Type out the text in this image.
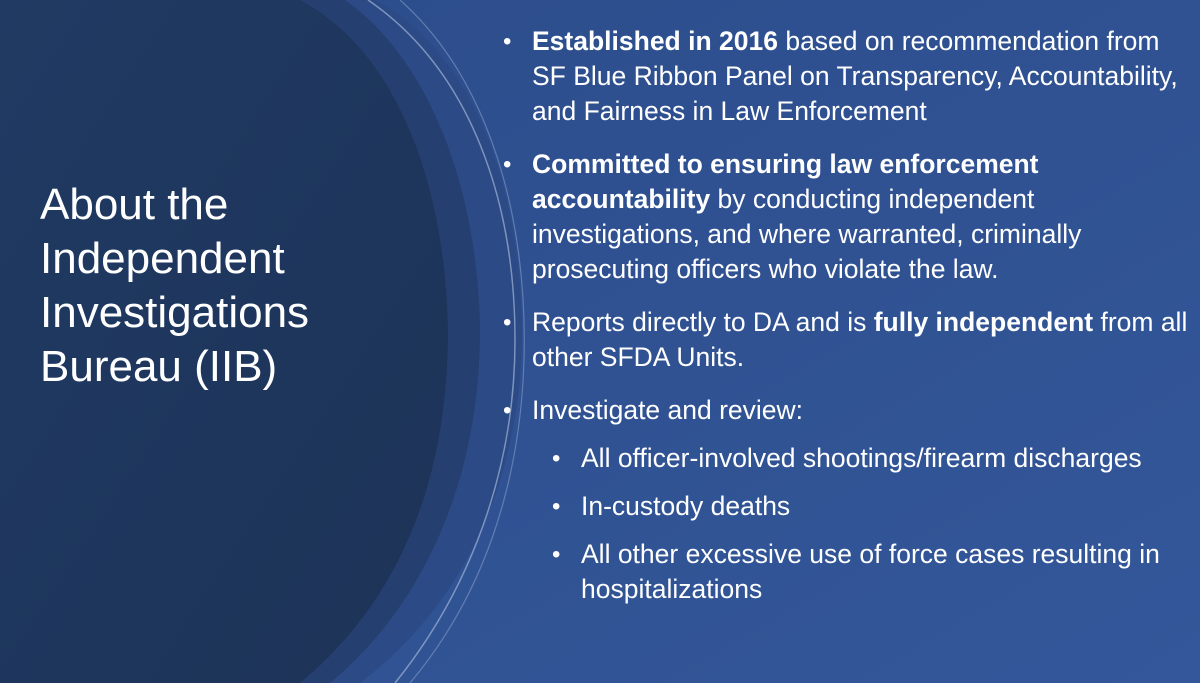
About the Independent Investigations Bureau (IIB)
• Established in 2016 based on recommendation from SF Blue Ribbon Panel on Transparency, Accountability, and Fairness in Law Enforcement
• Committed to ensuring law enforcement accountability by conducting independent investigations, and where warranted, criminally prosecuting officers who violate the law.
• Reports directly to DA and is fully independent from all other SFDA Units.
• Investigate and review:
• All officer-involved shootings/firearm discharges
• In-custody deaths
• All other excessive use of force cases resulting in hospitalizations
